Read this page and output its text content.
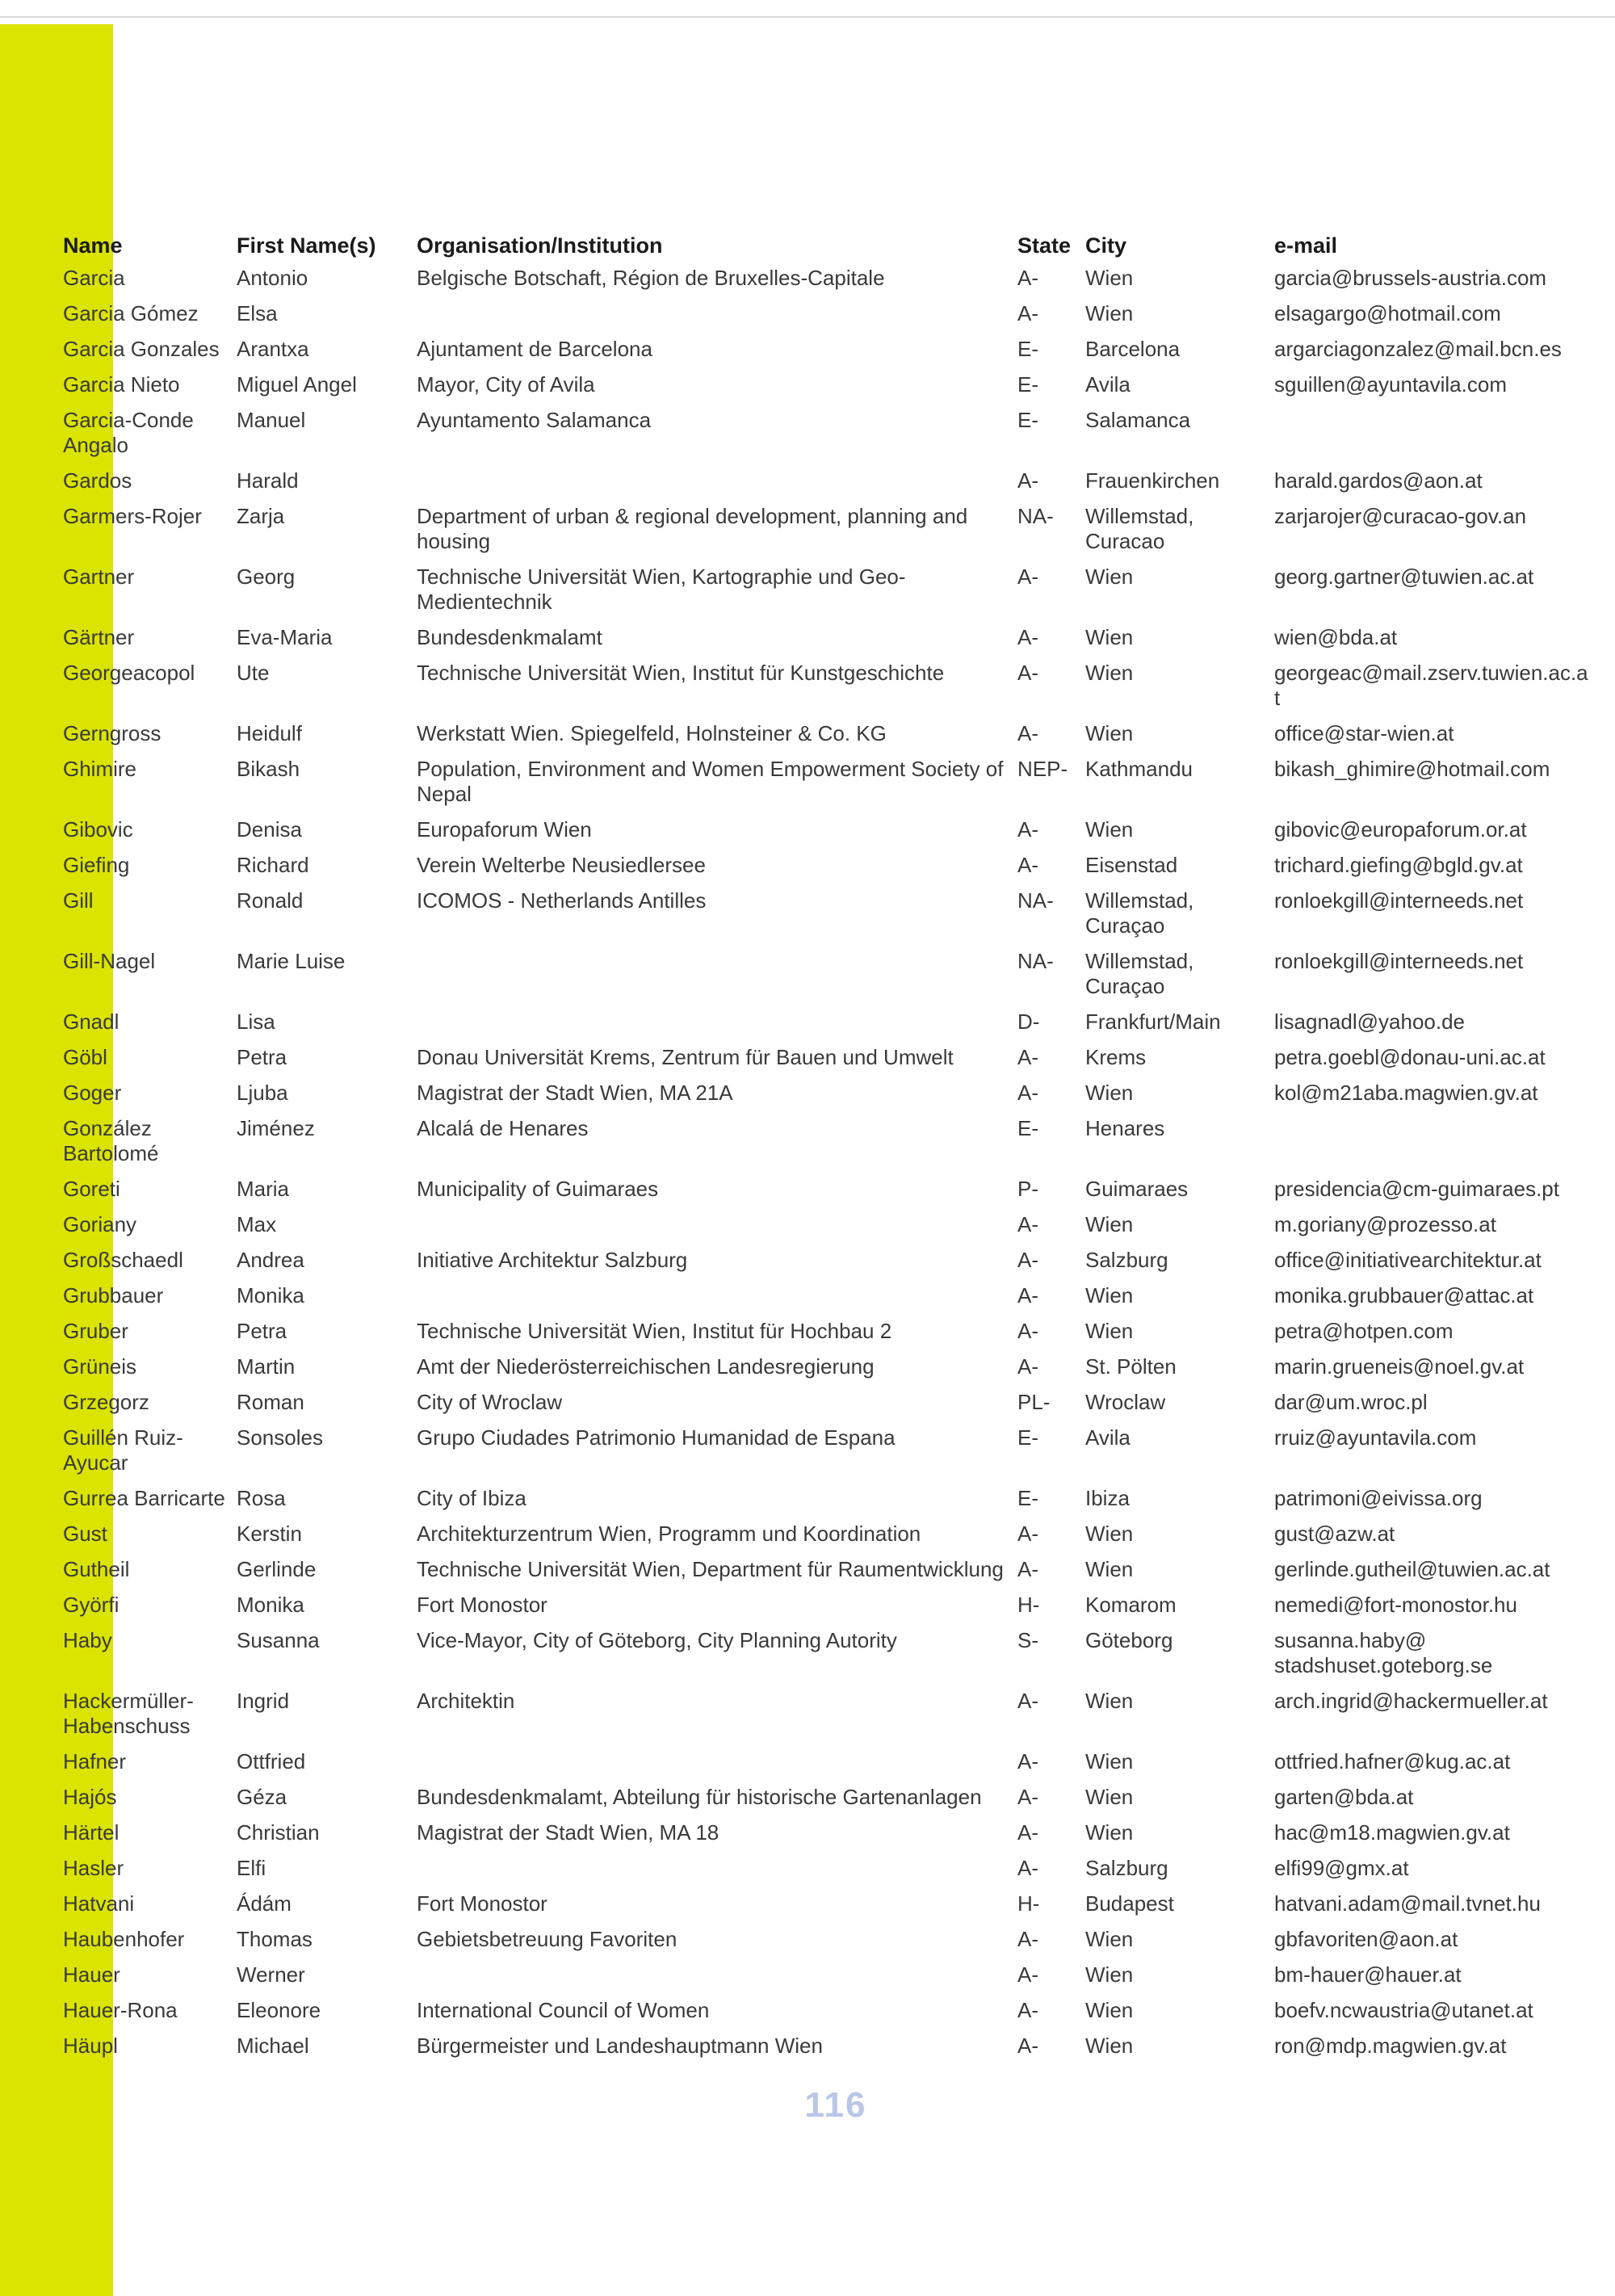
Name	First Name(s)	Organisation/Institution	State	City	e-mail
Garcia	Antonio	Belgische Botschaft, Région de Bruxelles-Capitale	A-	Wien	garcia@brussels-austria.com
Garcia Gómez	Elsa		A-	Wien	elsagargo@hotmail.com
Garcia Gonzales	Arantxa	Ajuntament de Barcelona	E-	Barcelona	argarciagonzalez@mail.bcn.es
Garcia Nieto	Miguel Angel	Mayor, City of Avila	E-	Avila	sguillen@ayuntavila.com
Garcia-Conde Angalo	Manuel	Ayuntamento Salamanca	E-	Salamanca	
Gardos	Harald		A-	Frauenkirchen	harald.gardos@aon.at
Garmers-Rojer	Zarja	Department of urban & regional development, planning and housing	NA-	Willemstad, Curacao	zarjarojer@curacao-gov.an
Gartner	Georg	Technische Universität Wien, Kartographie und Geo-Medientechnik	A-	Wien	georg.gartner@tuwien.ac.at
Gärtner	Eva-Maria	Bundesdenkmalamt	A-	Wien	wien@bda.at
Georgeacopol	Ute	Technische Universität Wien, Institut für Kunstgeschichte	A-	Wien	georgeac@mail.zserv.tuwien.ac.at
Gerngross	Heidulf	Werkstatt Wien. Spiegelfeld, Holnsteiner & Co. KG	A-	Wien	office@star-wien.at
Ghimire	Bikash	Population, Environment and Women Empowerment Society of Nepal	NEP-	Kathmandu	bikash_ghimire@hotmail.com
Gibovic	Denisa	Europaforum Wien	A-	Wien	gibovic@europaforum.or.at
Giefing	Richard	Verein Welterbe Neusiedlersee	A-	Eisenstad	trichard.giefing@bgld.gv.at
Gill	Ronald	ICOMOS - Netherlands Antilles	NA-	Willemstad, Curaçao	ronloekgill@interneeds.net
Gill-Nagel	Marie Luise		NA-	Willemstad, Curaçao	ronloekgill@interneeds.net
Gnadl	Lisa		D-	Frankfurt/Main	lisagnadl@yahoo.de
Göbl	Petra	Donau Universität Krems, Zentrum für Bauen und Umwelt	A-	Krems	petra.goebl@donau-uni.ac.at
Goger	Ljuba	Magistrat der Stadt Wien, MA 21A	A-	Wien	kol@m21aba.magwien.gv.at
González Bartolomé	Jiménez	Alcalá de Henares	E-	Henares	
Goreti	Maria	Municipality of Guimaraes	P-	Guimaraes	presidencia@cm-guimaraes.pt
Goriany	Max		A-	Wien	m.goriany@prozesso.at
Großschaedl	Andrea	Initiative Architektur Salzburg	A-	Salzburg	office@initiativearchitektur.at
Grubbauer	Monika		A-	Wien	monika.grubbauer@attac.at
Gruber	Petra	Technische Universität Wien, Institut für Hochbau 2	A-	Wien	petra@hotpen.com
Grüneis	Martin	Amt der Niederösterreichischen Landesregierung	A-	St. Pölten	marin.grueneis@noel.gv.at
Grzegorz	Roman	City of Wroclaw	PL-	Wroclaw	dar@um.wroc.pl
Guillén Ruiz-Ayucar	Sonsoles	Grupo Ciudades Patrimonio Humanidad de Espana	E-	Avila	rruiz@ayuntavila.com
Gurrea Barricarte	Rosa	City of Ibiza	E-	Ibiza	patrimoni@eivissa.org
Gust	Kerstin	Architekturzentrum Wien, Programm und Koordination	A-	Wien	gust@azw.at
Gutheil	Gerlinde	Technische Universität Wien, Department für Raumentwicklung	A-	Wien	gerlinde.gutheil@tuwien.ac.at
Györfi	Monika	Fort Monostor	H-	Komarom	nemedi@fort-monostor.hu
Haby	Susanna	Vice-Mayor, City of Göteborg, City Planning Autority	S-	Göteborg	susanna.haby@ stadshuset.goteborg.se
Hackermüller-Habenschuss	Ingrid	Architektin	A-	Wien	arch.ingrid@hackermueller.at
Hafner	Ottfried		A-	Wien	ottfried.hafner@kug.ac.at
Hajós	Géza	Bundesdenkmalamt, Abteilung für historische Gartenanlagen	A-	Wien	garten@bda.at
Härtel	Christian	Magistrat der Stadt Wien, MA 18	A-	Wien	hac@m18.magwien.gv.at
Hasler	Elfi		A-	Salzburg	elfi99@gmx.at
Hatvani	Ádám	Fort Monostor	H-	Budapest	hatvani.adam@mail.tvnet.hu
Haubenhofer	Thomas	Gebietsbetreuung Favoriten	A-	Wien	gbfavoriten@aon.at
Hauer	Werner		A-	Wien	bm-hauer@hauer.at
Hauer-Rona	Eleonore	International Council of Women	A-	Wien	boefv.ncwaustria@utanet.at
Häupl	Michael	Bürgermeister und Landeshauptmann Wien	A-	Wien	ron@mdp.magwien.gv.at
116
